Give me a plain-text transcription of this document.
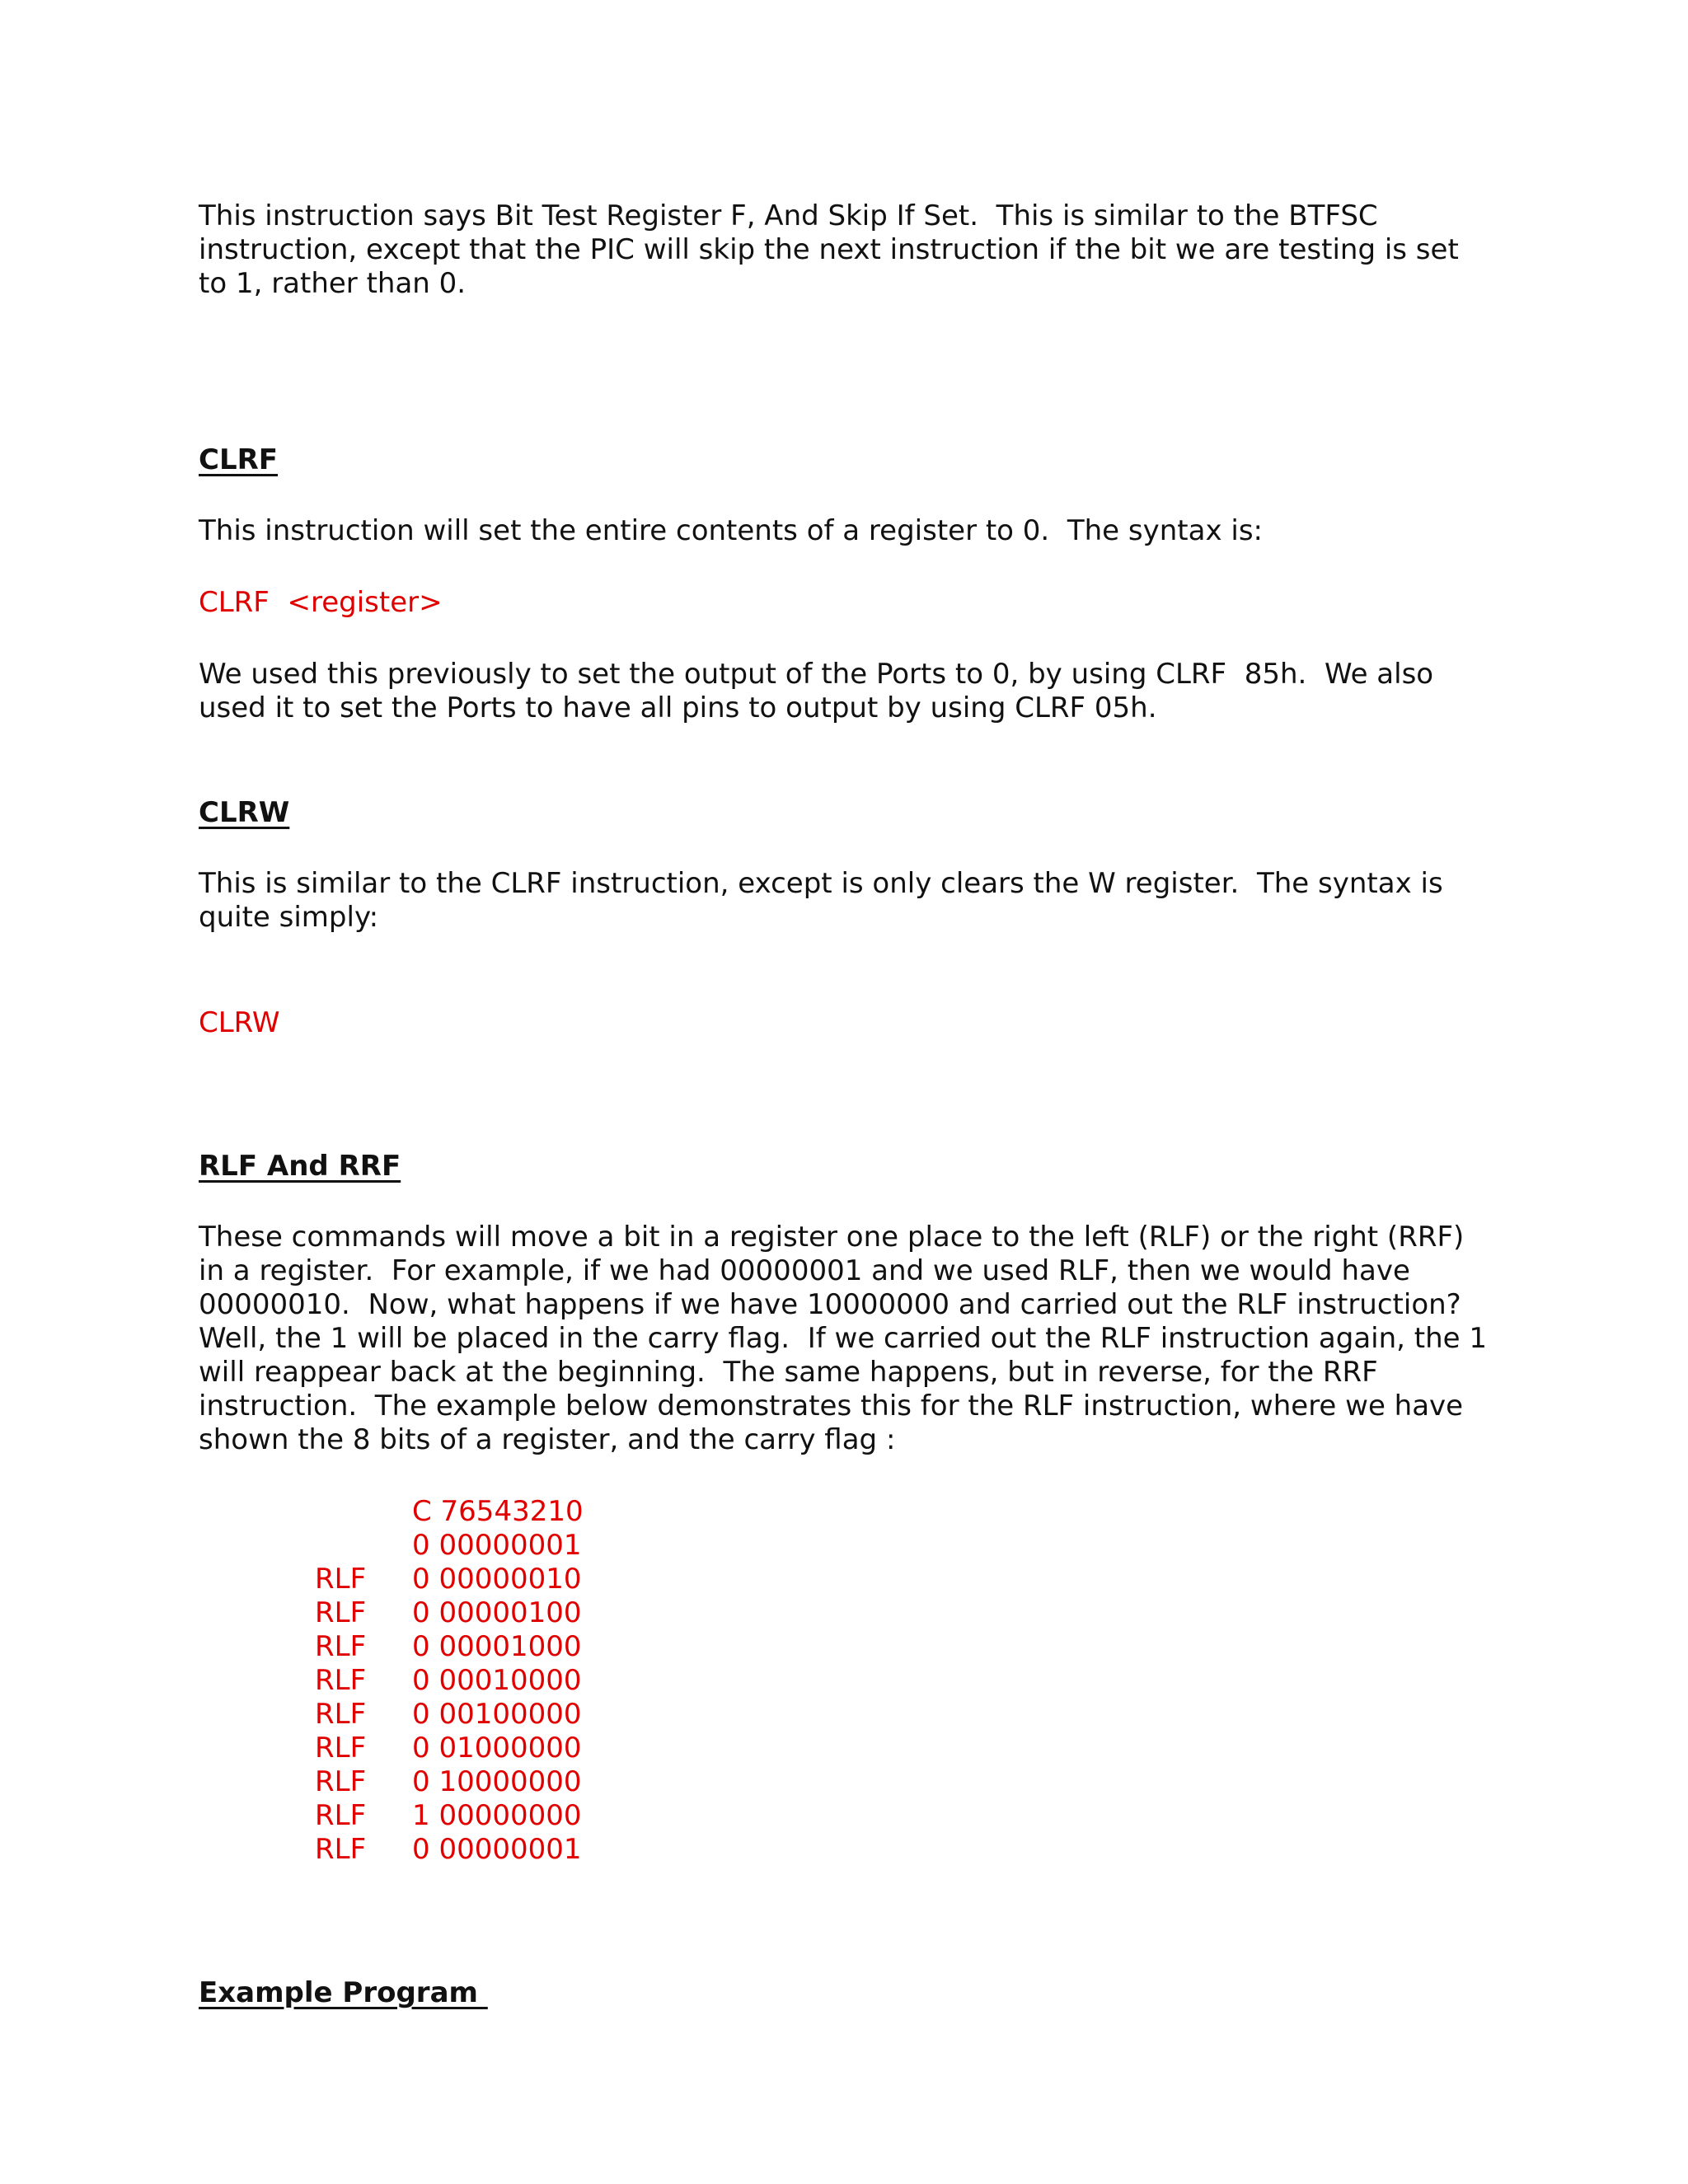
This instruction says Bit Test Register F, And Skip If Set.  This is similar to the BTFSC

instruction, except that the PIC will skip the next instruction if the bit we are testing is set

to 1, rather than 0.

CLRF

This instruction will set the entire contents of a register to 0.  The syntax is:

CLRF  <register>

We used this previously to set the output of the Ports to 0, by using CLRF  85h.  We also

used it to set the Ports to have all pins to output by using CLRF 05h.

CLRW

This is similar to the CLRF instruction, except is only clears the W register.  The syntax is

quite simply:

CLRW

RLF And RRF

These commands will move a bit in a register one place to the left (RLF) or the right (RRF)

in a register.  For example, if we had 00000001 and we used RLF, then we would have

00000010.  Now, what happens if we have 10000000 and carried out the RLF instruction?

Well, the 1 will be placed in the carry flag.  If we carried out the RLF instruction again, the 1

will reappear back at the beginning.  The same happens, but in reverse, for the RRF

instruction.  The example below demonstrates this for the RLF instruction, where we have

shown the 8 bits of a register, and the carry flag :

C 76543210
0 00000001
RLF 0 00000010
RLF 0 00000100
RLF 0 00001000
RLF 0 00010000
RLF 0 00100000
RLF 0 01000000
RLF 0 10000000
RLF 1 00000000
RLF 0 00000001

Example Program
